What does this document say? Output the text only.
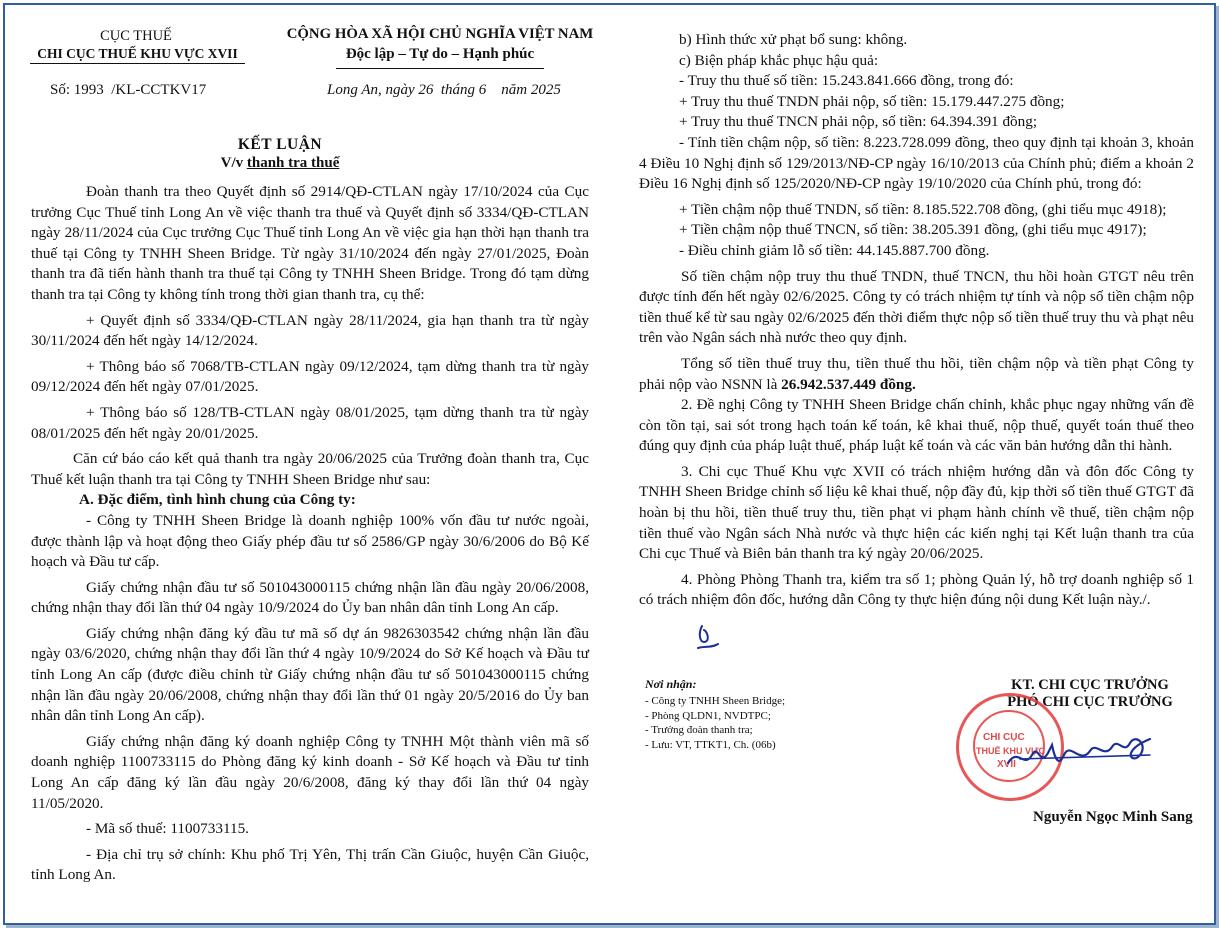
CỤC THUẾ
CHI CỤC THUẾ KHU VỰC XVII
Số: 1993  /KL-CCTKV17
CỘNG HÒA XÃ HỘI CHỦ NGHĨA VIỆT NAM
Độc lập – Tự do – Hạnh phúc
Long An, ngày 26  tháng 6    năm 2025
KẾT LUẬN
V/v thanh tra thuế

Đoàn thanh tra theo Quyết định số 2914/QĐ-CTLAN ngày 17/10/2024 của Cục trưởng Cục Thuế tỉnh Long An về việc thanh tra thuế và Quyết định số 3334/QĐ-CTLAN ngày 28/11/2024 của Cục trưởng Cục Thuế tỉnh Long An về việc gia hạn thời hạn thanh tra thuế tại Công ty TNHH Sheen Bridge. Từ ngày 31/10/2024 đến ngày 27/01/2025, Đoàn thanh tra đã tiến hành thanh tra thuế tại Công ty TNHH Sheen Bridge. Trong đó tạm dừng thanh tra tại Công ty không tính trong thời gian thanh tra, cụ thể:

+ Quyết định số 3334/QĐ-CTLAN ngày 28/11/2024, gia hạn thanh tra từ ngày 30/11/2024 đến hết ngày 14/12/2024.

+ Thông báo số 7068/TB-CTLAN ngày 09/12/2024, tạm dừng thanh tra từ ngày 09/12/2024 đến hết ngày 07/01/2025.

+ Thông báo số 128/TB-CTLAN ngày 08/01/2025, tạm dừng thanh tra từ ngày 08/01/2025 đến hết ngày 20/01/2025.

Căn cứ báo cáo kết quả thanh tra ngày 20/06/2025 của Trưởng đoàn thanh tra, Cục Thuế kết luận thanh tra tại Công ty TNHH Sheen Bridge như sau:

A. Đặc điểm, tình hình chung của Công ty:

- Công ty TNHH Sheen Bridge là doanh nghiệp 100% vốn đầu tư nước ngoài, được thành lập và hoạt động theo Giấy phép đầu tư số 2586/GP ngày 30/6/2006 do Bộ Kế hoạch và Đầu tư cấp.

Giấy chứng nhận đầu tư số 501043000115 chứng nhận lần đầu ngày 20/06/2008, chứng nhận thay đổi lần thứ 04 ngày 10/9/2024 do Ủy ban nhân dân tỉnh Long An cấp.

Giấy chứng nhận đăng ký đầu tư mã số dự án 9826303542 chứng nhận lần đầu ngày 03/6/2020, chứng nhận thay đổi lần thứ 4 ngày 10/9/2024 do Sở Kế hoạch và Đầu tư tỉnh Long An cấp (được điều chỉnh từ Giấy chứng nhận đầu tư số 501043000115 chứng nhận lần đầu ngày 20/06/2008, chứng nhận thay đổi lần thứ 01 ngày 20/5/2016 do Ủy ban nhân dân tỉnh Long An cấp).

Giấy chứng nhận đăng ký doanh nghiệp Công ty TNHH Một thành viên mã số doanh nghiệp 1100733115 do Phòng đăng ký kinh doanh - Sở Kế hoạch và Đầu tư tỉnh Long An cấp đăng ký lần đầu ngày 20/6/2008, đăng ký thay đổi lần thứ 04 ngày 11/05/2020.

- Mã số thuế: 1100733115.

- Địa chỉ trụ sở chính: Khu phố Trị Yên, Thị trấn Cần Giuộc, huyện Cần Giuộc, tỉnh Long An.

b) Hình thức xử phạt bổ sung: không.

c) Biện pháp khắc phục hậu quả:

- Truy thu thuế số tiền: 15.243.841.666 đồng, trong đó:

+ Truy thu thuế TNDN phải nộp, số tiền: 15.179.447.275 đồng;

+ Truy thu thuế TNCN phải nộp, số tiền: 64.394.391 đồng;

- Tính tiền chậm nộp, số tiền: 8.223.728.099 đồng, theo quy định tại khoản 3, khoản 4 Điều 10 Nghị định số 129/2013/NĐ-CP ngày 16/10/2013 của Chính phủ; điểm a khoản 2 Điều 16 Nghị định số 125/2020/NĐ-CP ngày 19/10/2020 của Chính phủ, trong đó:

+ Tiền chậm nộp thuế TNDN, số tiền: 8.185.522.708 đồng, (ghi tiểu mục 4918);

+ Tiền chậm nộp thuế TNCN, số tiền: 38.205.391 đồng, (ghi tiểu mục 4917);

- Điều chỉnh giảm lỗ số tiền: 44.145.887.700 đồng.

Số tiền chậm nộp truy thu thuế TNDN, thuế TNCN, thu hồi hoàn GTGT nêu trên được tính đến hết ngày 02/6/2025. Công ty có trách nhiệm tự tính và nộp số tiền chậm nộp tiền thuế kể từ sau ngày 02/6/2025 đến thời điểm thực nộp số tiền thuế truy thu và phạt nêu trên vào Ngân sách nhà nước theo quy định.

Tổng số tiền thuế truy thu, tiền thuế thu hồi, tiền chậm nộp và tiền phạt Công ty phải nộp vào NSNN là 26.942.537.449 đồng.

2. Đề nghị Công ty TNHH Sheen Bridge chấn chỉnh, khắc phục ngay những vấn đề còn tồn tại, sai sót trong hạch toán kế toán, kê khai thuế, nộp thuế, quyết toán thuế theo đúng quy định của pháp luật thuế, pháp luật kế toán và các văn bản hướng dẫn thi hành.

3. Chi cục Thuế Khu vực XVII có trách nhiệm hướng dẫn và đôn đốc Công ty TNHH Sheen Bridge chỉnh số liệu kê khai thuế, nộp đầy đủ, kịp thời số tiền thuế GTGT đã hoàn bị thu hồi, tiền thuế truy thu, tiền phạt vi phạm hành chính về thuế, tiền chậm nộp tiền thuế vào Ngân sách Nhà nước và thực hiện các kiến nghị tại Kết luận thanh tra của Chi cục Thuế và Biên bản thanh tra ký ngày 20/06/2025.

4. Phòng Phòng Thanh tra, kiểm tra số 1; phòng Quản lý, hỗ trợ doanh nghiệp số 1 có trách nhiệm đôn đốc, hướng dẫn Công ty thực hiện đúng nội dung Kết luận này./.

Nơi nhận:
- Công ty TNHH Sheen Bridge;
- Phòng QLDN1, NVDTPC;
- Trưởng đoàn thanh tra;
- Lưu: VT, TTKT1, Ch. (06b)
KT. CHI CỤC TRƯỞNG
PHÓ CHI CỤC TRƯỞNG
CHI CỤC
THUẾ KHU VỰC
XVII
Nguyễn Ngọc Minh Sang
